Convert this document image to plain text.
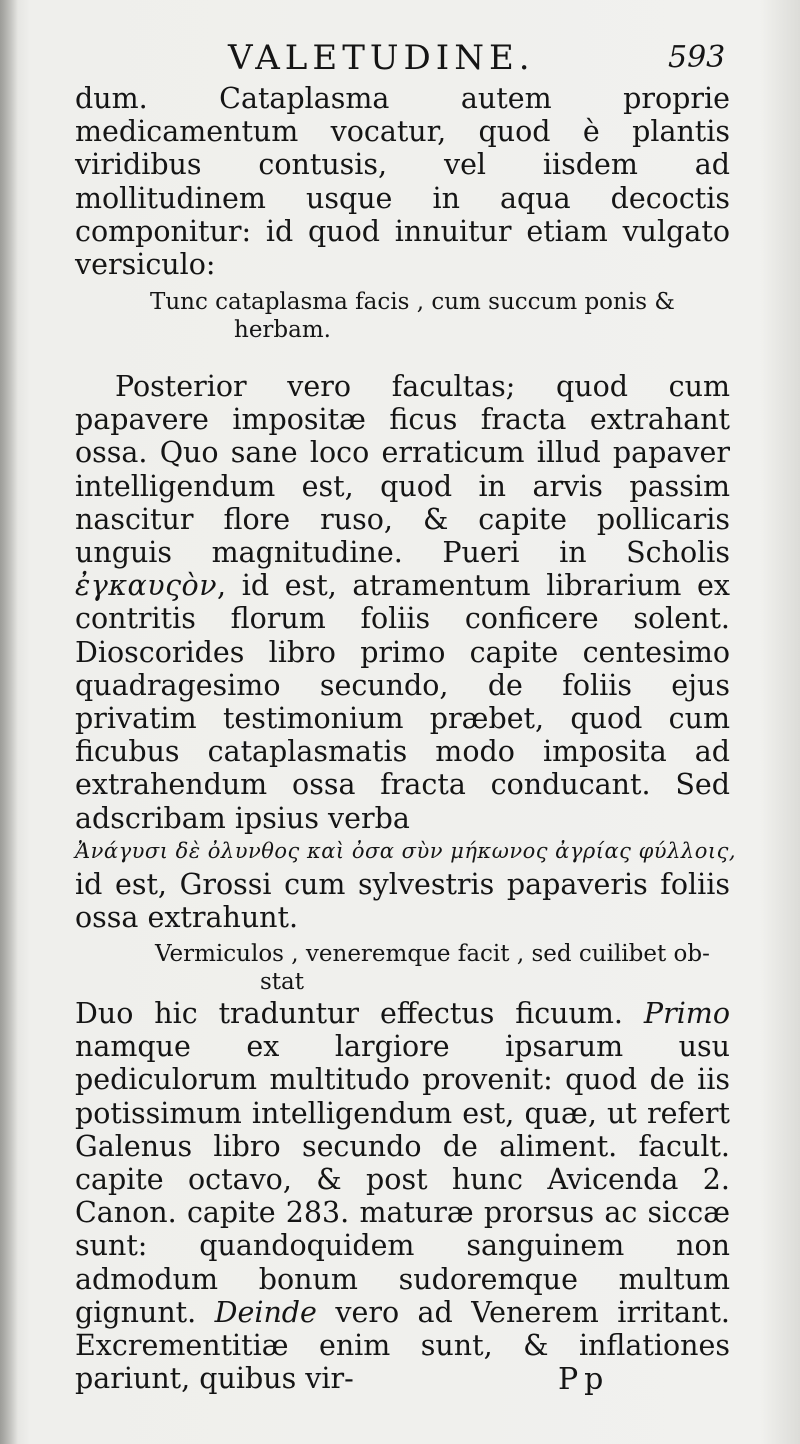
VALETUDINE.	593

dum. Cataplasma autem proprie medicamentum vocatur, quod è plantis viridibus contusis, vel iisdem ad mollitudinem usque in aqua decoctis componitur: id quod innuitur etiam vulgato versiculo:

Tunc cataplasma facis , cum succum ponis &
herbam.

Posterior vero facultas; quod cum papavere impositæ ficus fracta extrahant ossa. Quo sane loco erraticum illud papaver intelligendum est, quod in arvis passim nascitur flore ruso, & capite pollicaris unguis magnitudine. Pueri in Scholis ἐγκαυςὸν, id est, atramentum librarium ex contritis florum foliis conficere solent. Dioscorides libro primo capite centesimo quadragesimo secundo, de foliis ejus privatim testimonium præbet, quod cum ficubus cataplasmatis modo imposita ad extrahendum ossa fracta conducant. Sed adscribam ipsius verba

Ἀνάγυσι δὲ ὀλυνθος καὶ ὀσα σὺν μήκωνος ἀγρίας φύλλοις,

id est, Grossi cum sylvestris papaveris foliis ossa extrahunt.

Vermiculos , veneremque facit , sed cuilibet ob-
stat

Duo hic traduntur effectus ficuum. Primo namque ex largiore ipsarum usu pediculorum multitudo provenit: quod de iis potissimum intelligendum est, quæ, ut refert Galenus libro secundo de aliment. facult. capite octavo, & post hunc Avicenda 2. Canon. capite 283. maturæ prorsus ac siccæ sunt: quandoquidem sanguinem non admodum bonum sudoremque multum gignunt. Deinde vero ad Venerem irritant. Excrementitiæ enim sunt, & inflationes pariunt, quibus vir-	Pp
